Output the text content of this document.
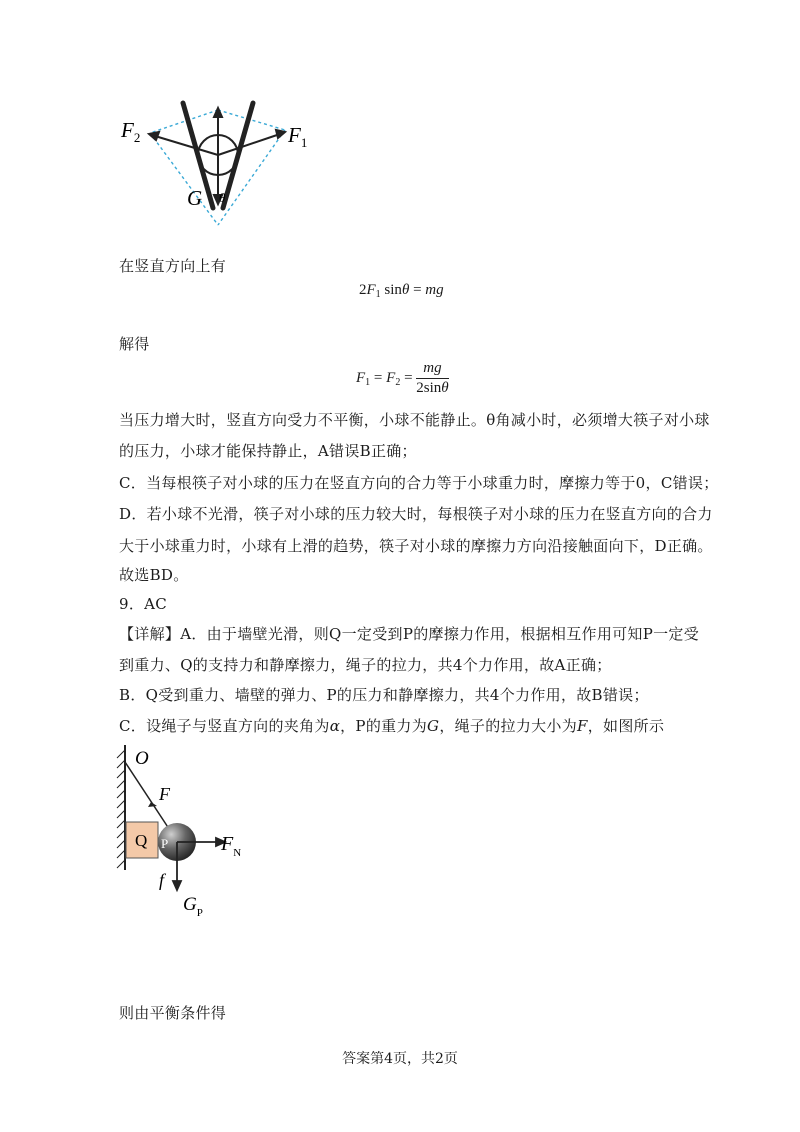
$F_2$	$F_1$
G θ
在竖直方向上有
$2F_1$ sinθ = mg
解得
$F_1 = F_2 = \frac{mg}{2\sin\theta}$
当压力增大时，竖直方向受力不平衡，小球不能静止。θ角减小时，必须增大筷子对小球
的压力，小球才能保持静止，A错误B正确；
C．当每根筷子对小球的压力在竖直方向的合力等于小球重力时，摩擦力等于0，C错误；
D．若小球不光滑，筷子对小球的压力较大时，每根筷子对小球的压力在竖直方向的合力
大于小球重力时，小球有上滑的趋势，筷子对小球的摩擦力方向沿接触面向下，D正确。
故选BD。
9．AC
【详解】A．由于墙壁光滑，则Q一定受到P的摩擦力作用，根据相互作用可知P一定受
到重力、Q的支持力和静摩擦力，绳子的拉力，共4个力作用，故A正确；
B．Q受到重力、墙壁的弹力、P的压力和静摩擦力，共4个力作用，故B错误；
C．设绳子与竖直方向的夹角为α，P的重力为G，绳子的拉力大小为F，如图所示
O
F
Q P	$F_N$
f
$G_P$
则由平衡条件得
答案第4页，共2页
